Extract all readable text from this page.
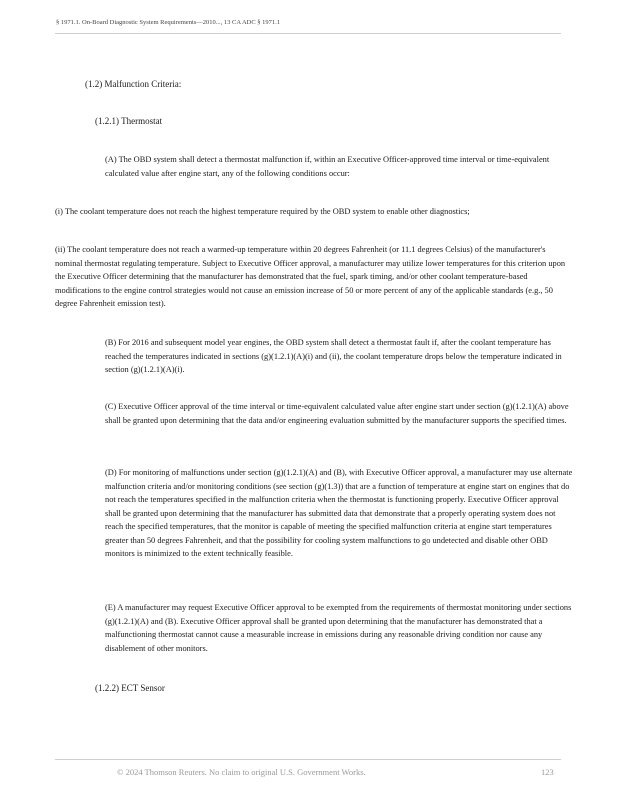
§ 1971.1. On-Board Diagnostic System Requirements—2010..., 13 CA ADC § 1971.1
(1.2) Malfunction Criteria:
(1.2.1) Thermostat
(A) The OBD system shall detect a thermostat malfunction if, within an Executive Officer-approved time interval or time-equivalent calculated value after engine start, any of the following conditions occur:
(i) The coolant temperature does not reach the highest temperature required by the OBD system to enable other diagnostics;
(ii) The coolant temperature does not reach a warmed-up temperature within 20 degrees Fahrenheit (or 11.1 degrees Celsius) of the manufacturer's nominal thermostat regulating temperature. Subject to Executive Officer approval, a manufacturer may utilize lower temperatures for this criterion upon the Executive Officer determining that the manufacturer has demonstrated that the fuel, spark timing, and/or other coolant temperature-based modifications to the engine control strategies would not cause an emission increase of 50 or more percent of any of the applicable standards (e.g., 50 degree Fahrenheit emission test).
(B) For 2016 and subsequent model year engines, the OBD system shall detect a thermostat fault if, after the coolant temperature has reached the temperatures indicated in sections (g)(1.2.1)(A)(i) and (ii), the coolant temperature drops below the temperature indicated in section (g)(1.2.1)(A)(i).
(C) Executive Officer approval of the time interval or time-equivalent calculated value after engine start under section (g)(1.2.1)(A) above shall be granted upon determining that the data and/or engineering evaluation submitted by the manufacturer supports the specified times.
(D) For monitoring of malfunctions under section (g)(1.2.1)(A) and (B), with Executive Officer approval, a manufacturer may use alternate malfunction criteria and/or monitoring conditions (see section (g)(1.3)) that are a function of temperature at engine start on engines that do not reach the temperatures specified in the malfunction criteria when the thermostat is functioning properly. Executive Officer approval shall be granted upon determining that the manufacturer has submitted data that demonstrate that a properly operating system does not reach the specified temperatures, that the monitor is capable of meeting the specified malfunction criteria at engine start temperatures greater than 50 degrees Fahrenheit, and that the possibility for cooling system malfunctions to go undetected and disable other OBD monitors is minimized to the extent technically feasible.
(E) A manufacturer may request Executive Officer approval to be exempted from the requirements of thermostat monitoring under sections (g)(1.2.1)(A) and (B). Executive Officer approval shall be granted upon determining that the manufacturer has demonstrated that a malfunctioning thermostat cannot cause a measurable increase in emissions during any reasonable driving condition nor cause any disablement of other monitors.
(1.2.2) ECT Sensor
© 2024 Thomson Reuters. No claim to original U.S. Government Works.	123
